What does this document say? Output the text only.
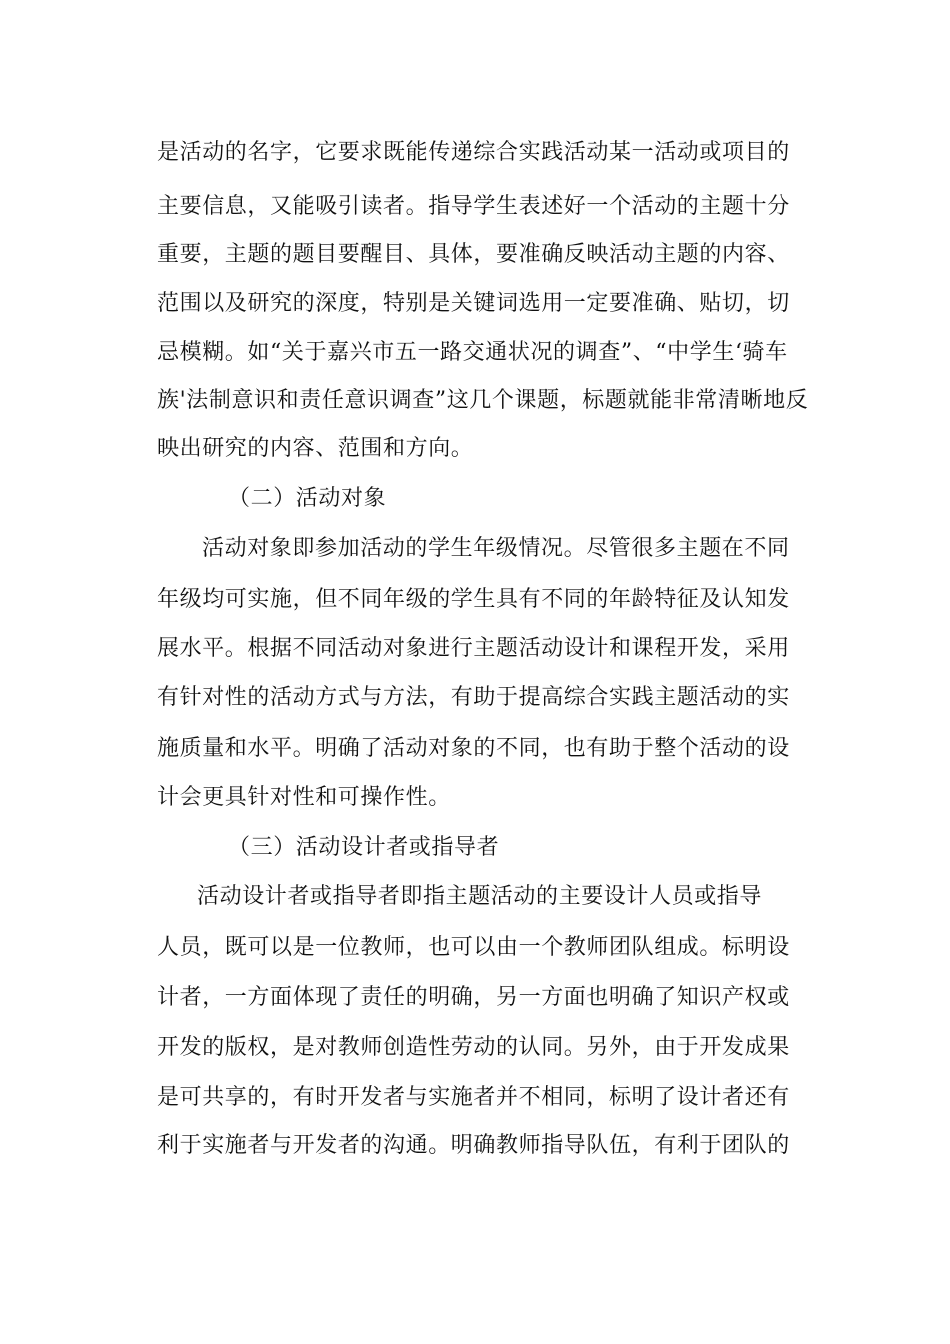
是活动的名字，它要求既能传递综合实践活动某一活动或项目的
主要信息，又能吸引读者。指导学生表述好一个活动的主题十分
重要，主题的题目要醒目、具体，要准确反映活动主题的内容、
范围以及研究的深度，特别是关键词选用一定要准确、贴切，切
忌模糊。如“关于嘉兴市五一路交通状况的调查”、“中学生‘骑车
族'法制意识和责任意识调查”这几个课题，标题就能非常清晰地反
映出研究的内容、范围和方向。
（二）活动对象
活动对象即参加活动的学生年级情况。尽管很多主题在不同
年级均可实施，但不同年级的学生具有不同的年龄特征及认知发
展水平。根据不同活动对象进行主题活动设计和课程开发，采用
有针对性的活动方式与方法，有助于提高综合实践主题活动的实
施质量和水平。明确了活动对象的不同，也有助于整个活动的设
计会更具针对性和可操作性。
（三）活动设计者或指导者
活动设计者或指导者即指主题活动的主要设计人员或指导
人员，既可以是一位教师，也可以由一个教师团队组成。标明设
计者，一方面体现了责任的明确，另一方面也明确了知识产权或
开发的版权，是对教师创造性劳动的认同。另外，由于开发成果
是可共享的，有时开发者与实施者并不相同，标明了设计者还有
利于实施者与开发者的沟通。明确教师指导队伍，有利于团队的
